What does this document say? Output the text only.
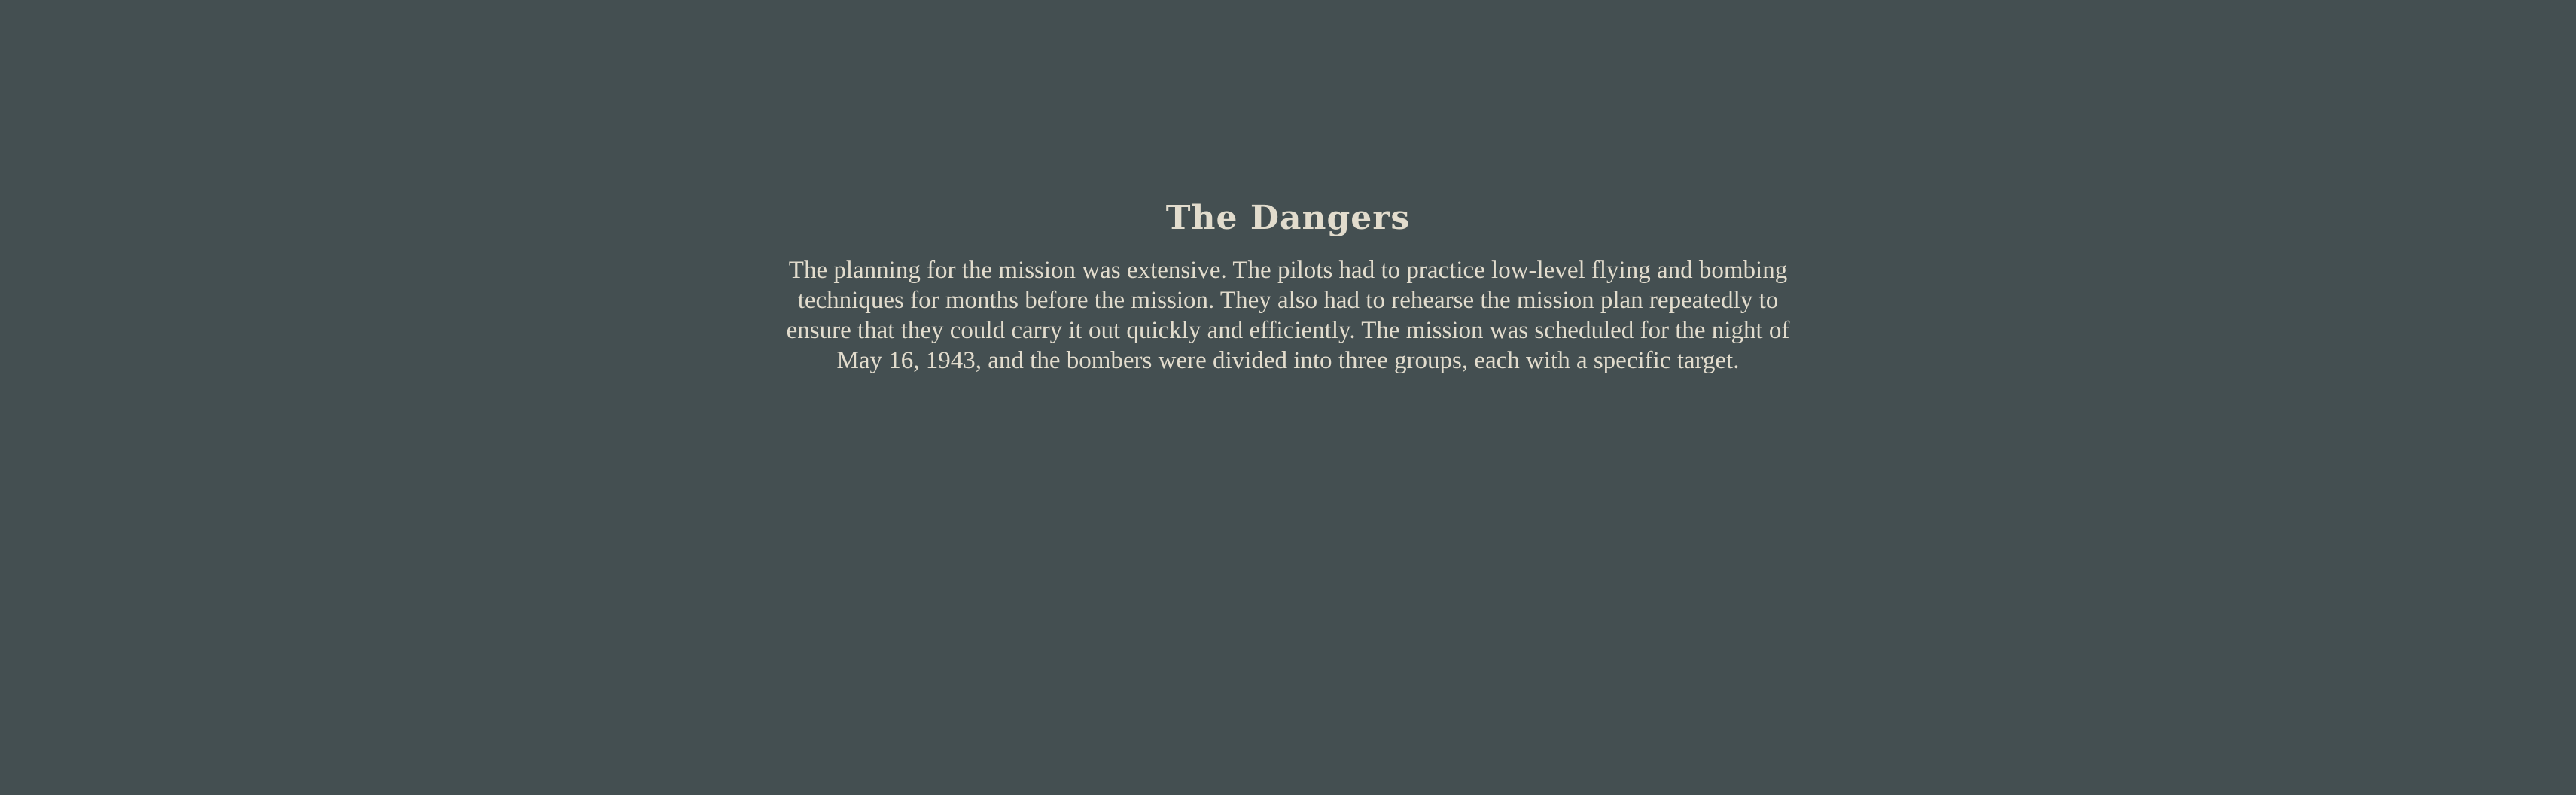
The Dangers

The planning for the mission was extensive. The pilots had to practice low-level flying and bombing techniques for months before the mission. They also had to rehearse the mission plan repeatedly to ensure that they could carry it out quickly and efficiently. The mission was scheduled for the night of May 16, 1943, and the bombers were divided into three groups, each with a specific target.
